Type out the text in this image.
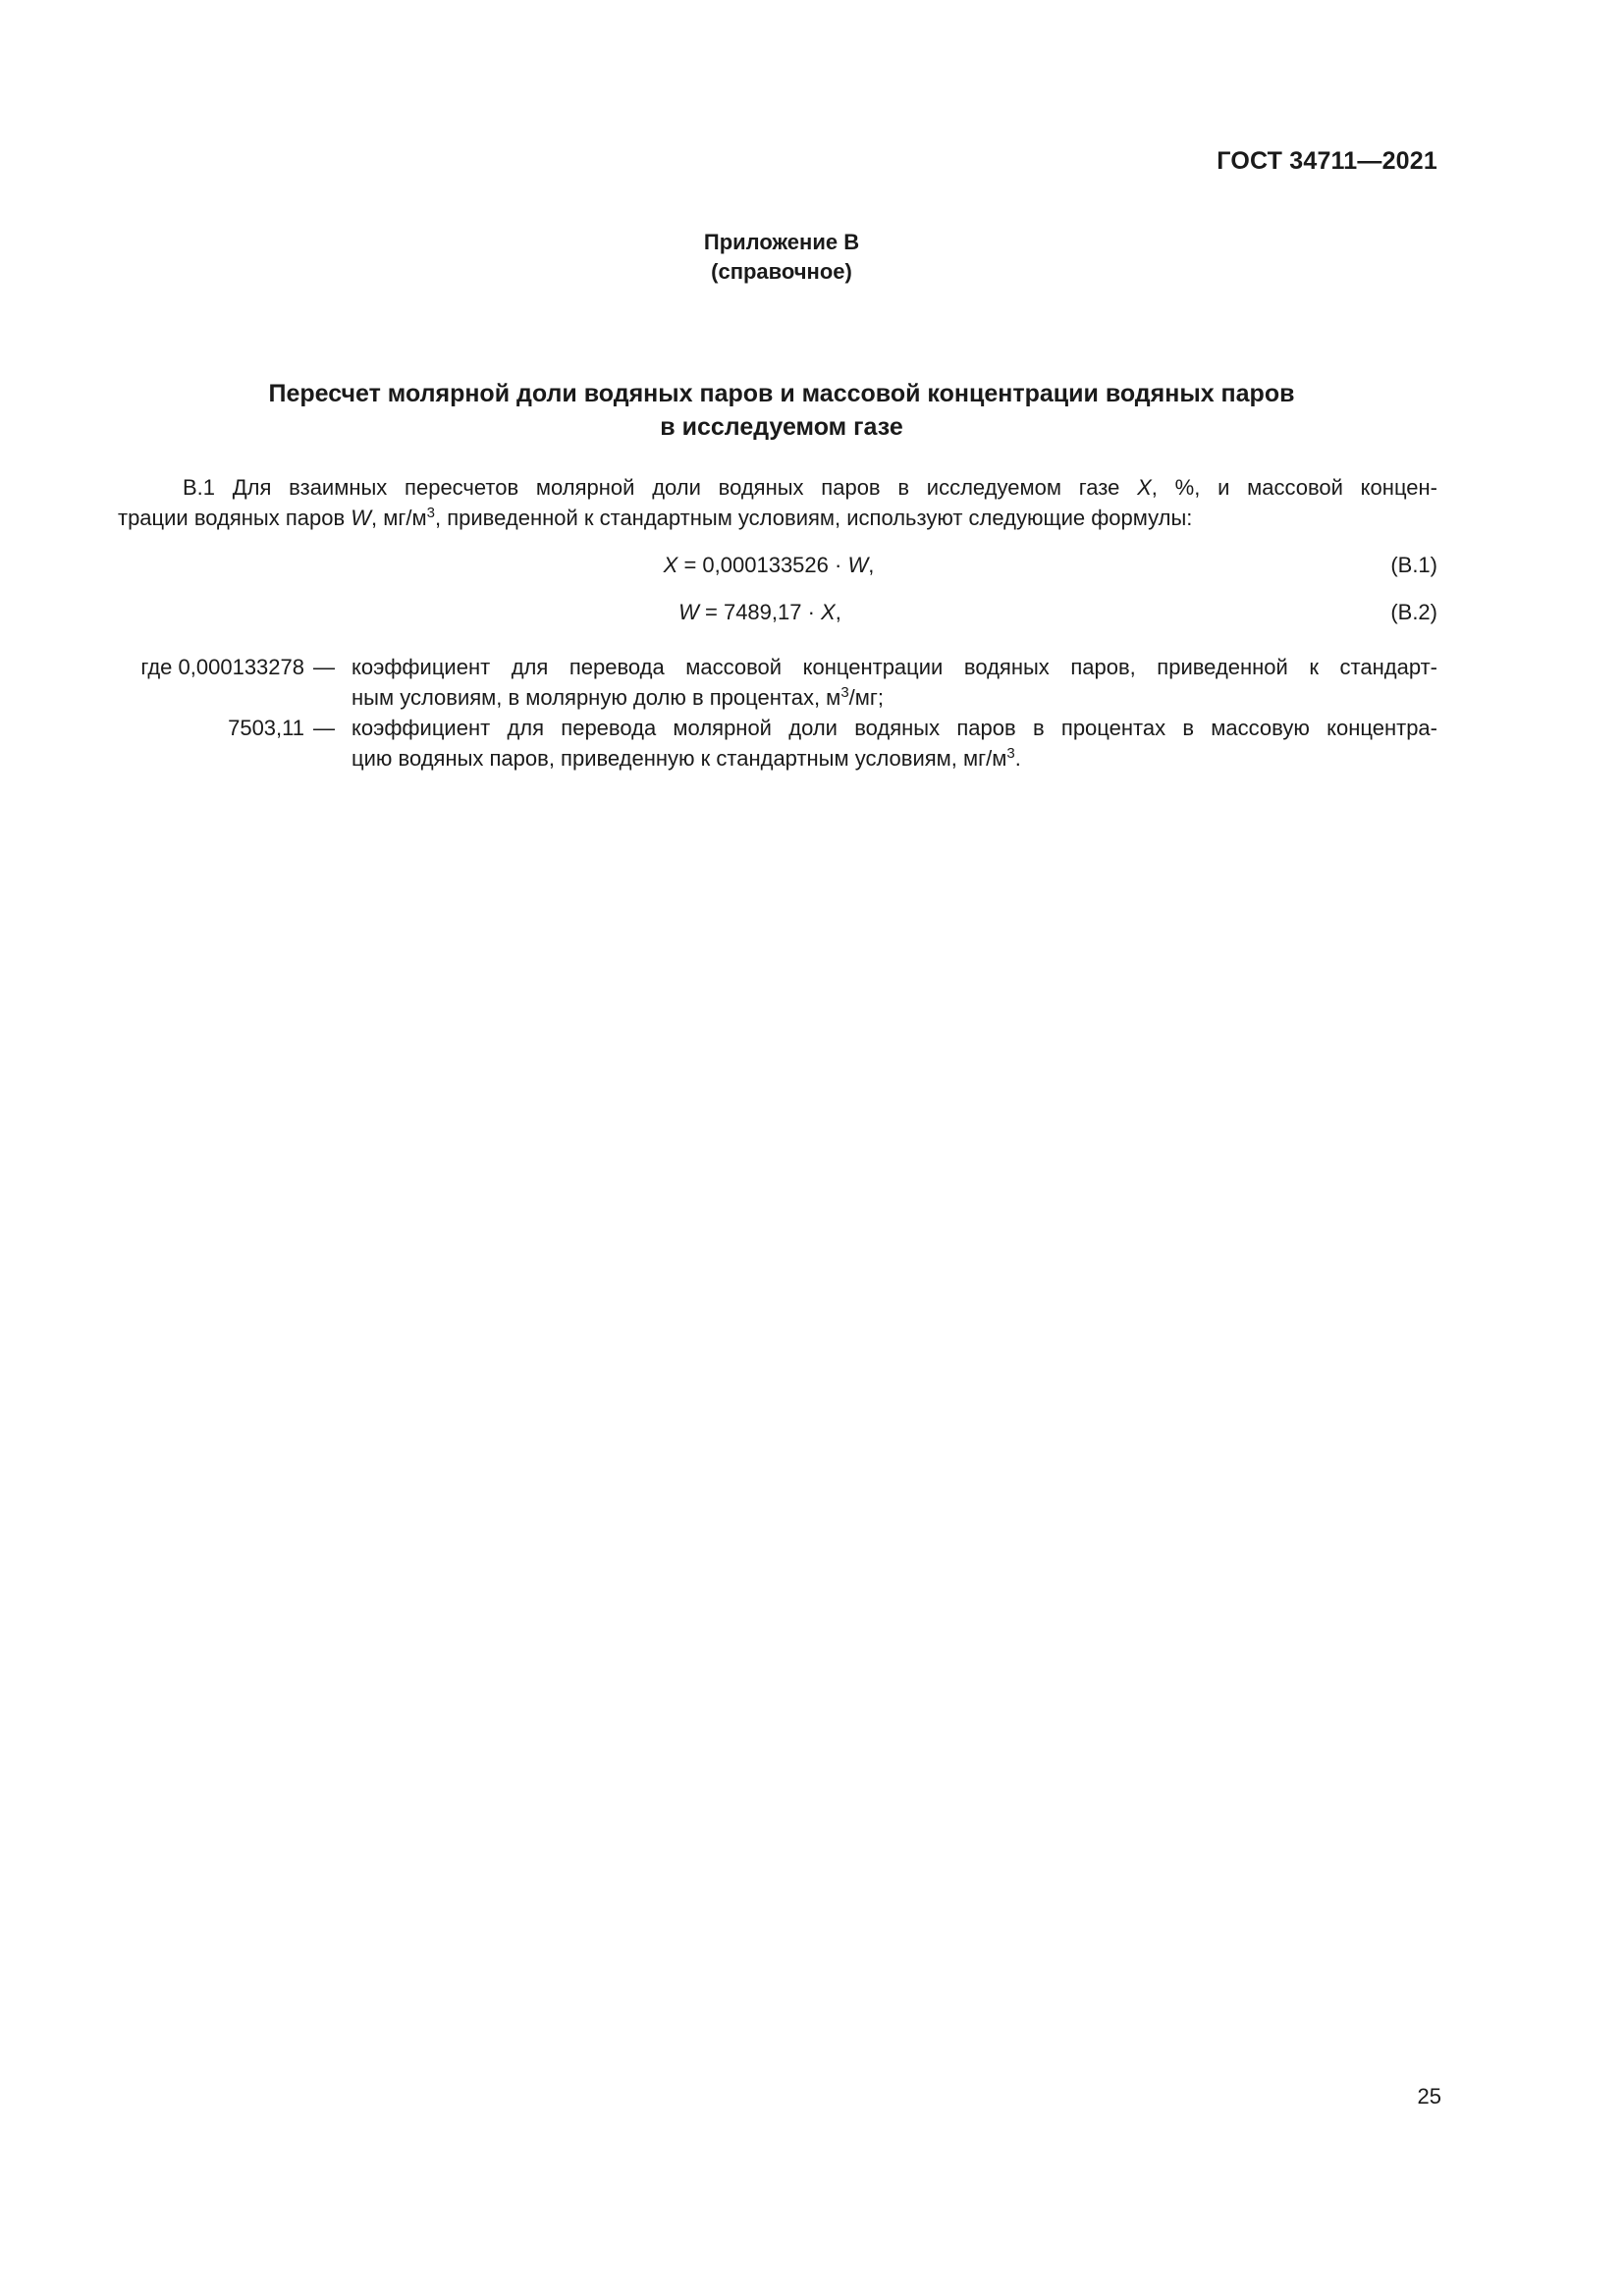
ГОСТ 34711—2021
Приложение В
(справочное)
Пересчет молярной доли водяных паров и массовой концентрации водяных паров
в исследуемом газе
В.1 Для взаимных пересчетов молярной доли водяных паров в исследуемом газе X, %, и массовой концен-
трации водяных паров W, $мг/м^3$, приведенной к стандартным условиям, используют следующие формулы:
X = 0,000133526 · W,	(В.1)
W = 7489,17 · X,	(В.2)
где 0,000133278 — коэффициент для перевода массовой концентрации водяных паров, приведенной к стандарт-
ным условиям, в молярную долю в процентах, $м^3/мг$;
7503,11 — коэффициент для перевода молярной доли водяных паров в процентах в массовую концентра-
цию водяных паров, приведенную к стандартным условиям, $мг/м^3$.
25
